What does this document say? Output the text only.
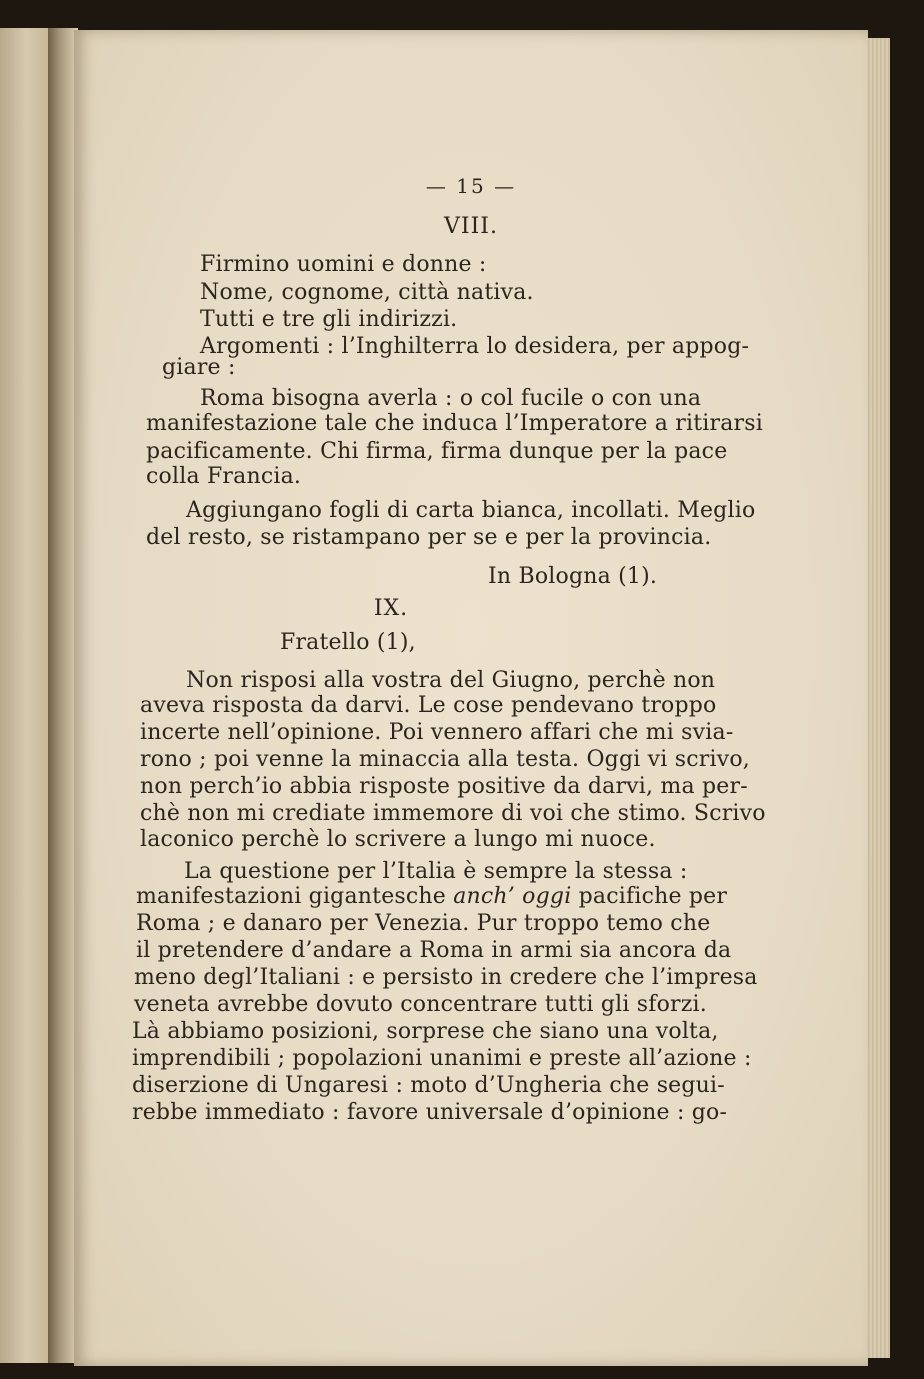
— 15 —
VIII.
Firmino uomini e donne :
Nome, cognome, città nativa.
Tutti e tre gli indirizzi.
Argomenti : l’Inghilterra lo desidera, per appog-
giare :
Roma bisogna averla : o col fucile o con una
manifestazione tale che induca l’Imperatore a ritirarsi
pacificamente. Chi firma, firma dunque per la pace
colla Francia.
Aggiungano fogli di carta bianca, incollati. Meglio
del resto, se ristampano per se e per la provincia.
In Bologna (1).
IX.
Fratello (1),
Non risposi alla vostra del Giugno, perchè non
aveva risposta da darvi. Le cose pendevano troppo
incerte nell’opinione. Poi vennero affari che mi svia-
rono ; poi venne la minaccia alla testa. Oggi vi scrivo,
non perch’io abbia risposte positive da darvi, ma per-
chè non mi crediate immemore di voi che stimo. Scrivo
laconico perchè lo scrivere a lungo mi nuoce.
La questione per l’Italia è sempre la stessa :
manifestazioni gigantesche anch’ oggi pacifiche per
Roma ; e danaro per Venezia. Pur troppo temo che
il pretendere d’andare a Roma in armi sia ancora da
meno degl’Italiani : e persisto in credere che l’impresa
veneta avrebbe dovuto concentrare tutti gli sforzi.
Là abbiamo posizioni, sorprese che siano una volta,
imprendibili ; popolazioni unanimi e preste all’azione :
diserzione di Ungaresi : moto d’Ungheria che segui-
rebbe immediato : favore universale d’opinione : go-
